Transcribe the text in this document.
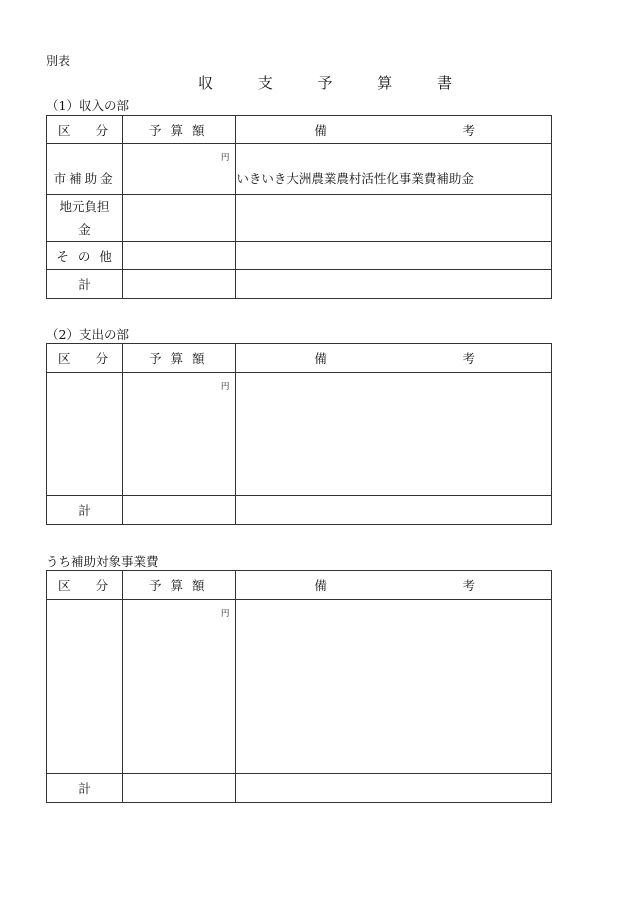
別表
収 支 予 算 書
（1）収入の部
区 分	予算額	備 考

市補助金	円	いきいき大洲農業農村活性化事業費補助金

地元負担金		

その他		
計		
（2）支出の部
区 分	予算額	備 考

	円	

計		
うち補助対象事業費
区 分	予算額	備 考

	円	

計		
